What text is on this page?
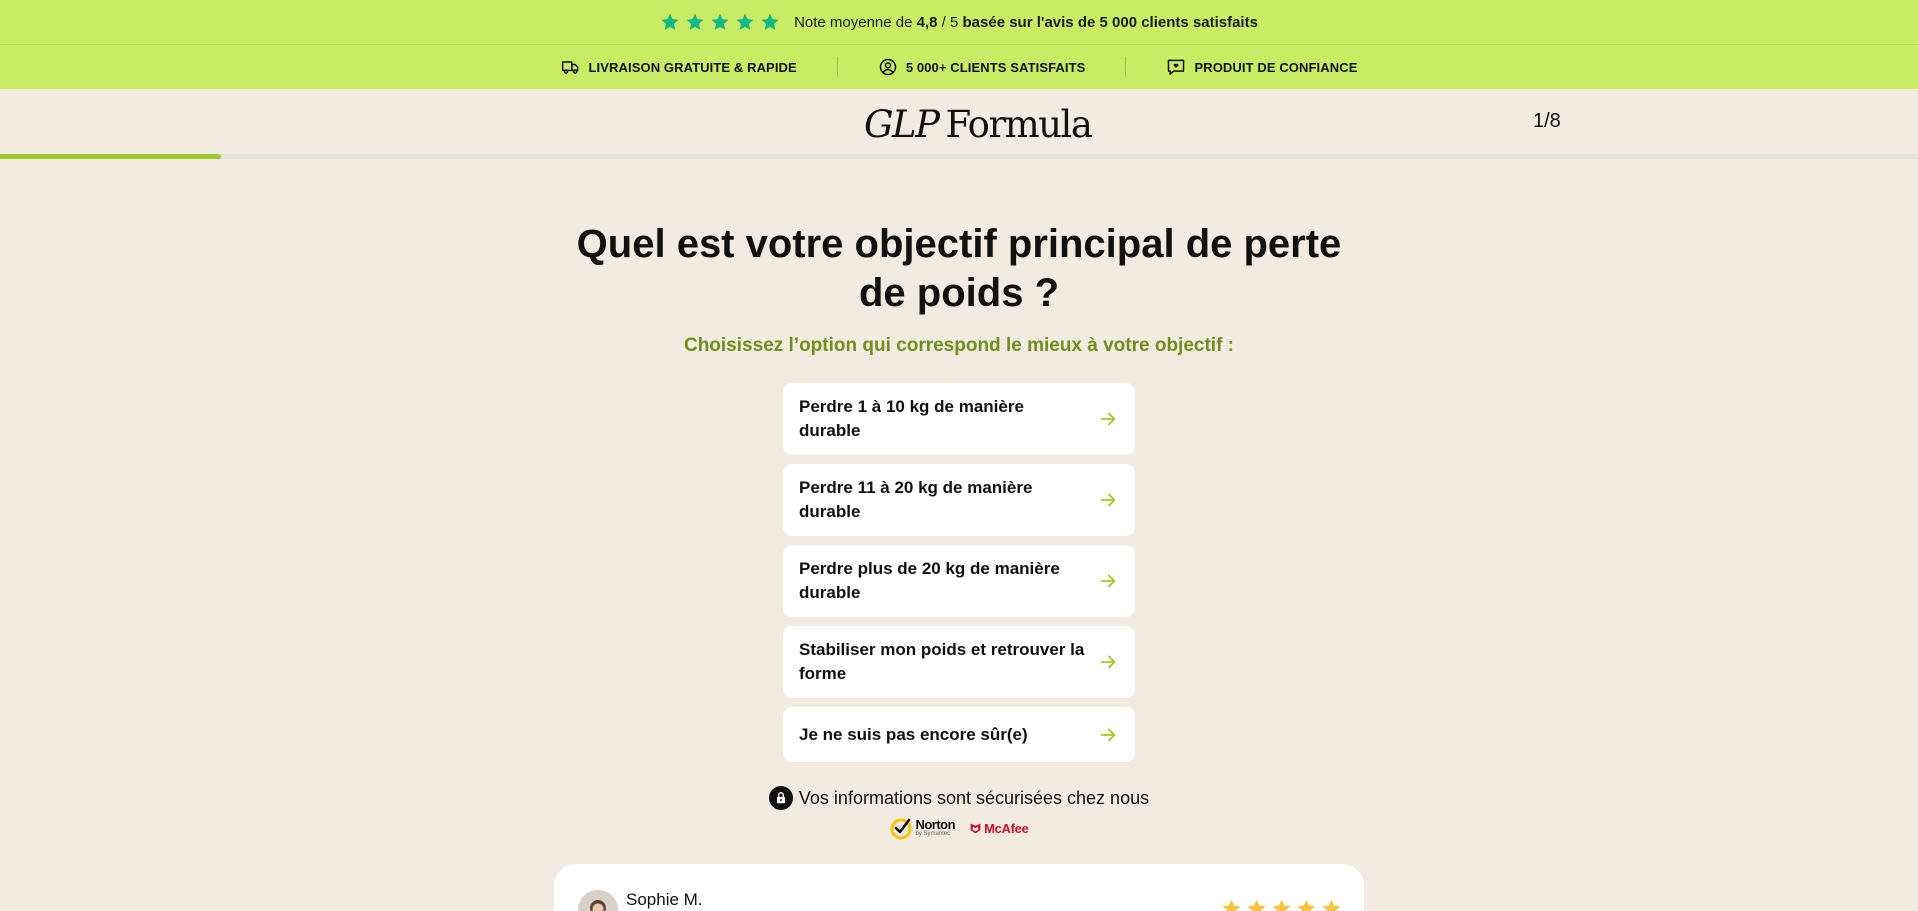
Note moyenne de 4,8 / 5 basée sur l'avis de 5 000 clients satisfaits
LIVRAISON GRATUITE & RAPIDE	5 000+ CLIENTS SATISFAITS	PRODUIT DE CONFIANCE
GLP Formula	1/8
Quel est votre objectif principal de perte de poids ?
Choisissez l’option qui correspond le mieux à votre objectif :
Perdre 1 à 10 kg de manière durable
Perdre 11 à 20 kg de manière durable
Perdre plus de 20 kg de manière durable
Stabiliser mon poids et retrouver la forme
Je ne suis pas encore sûr(e)
Vos informations sont sécurisées chez nous
Norton
by Symantec	McAfee
Sophie M.
